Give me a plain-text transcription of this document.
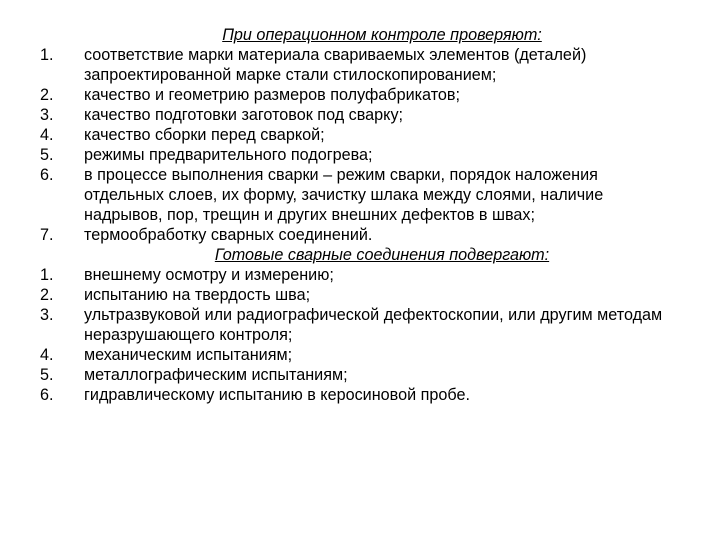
При операционном контроле проверяют:

1.	соответствие марки материала свариваемых элементов (деталей) запроектированной марке стали стилоскопированием;
2.	качество и геометрию размеров полуфабрикатов;
3.	качество подготовки заготовок под сварку;
4.	качество сборки перед сваркой;
5.	режимы предварительного подогрева;
6.	в процессе выполнения сварки – режим сварки, порядок наложения отдельных слоев, их форму, зачистку шлака между слоями, наличие надрывов, пор, трещин и других внешних дефектов в швах;
7.	термообработку сварных соединений.

Готовые сварные соединения подвергают:

1.	внешнему осмотру и измерению;
2.	испытанию на твердость шва;
3.	ультразвуковой или радиографической дефектоскопии, или другим методам неразрушающего контроля;
4.	механическим испытаниям;
5.	металлографическим испытаниям;
6.	гидравлическому испытанию в керосиновой пробе.
